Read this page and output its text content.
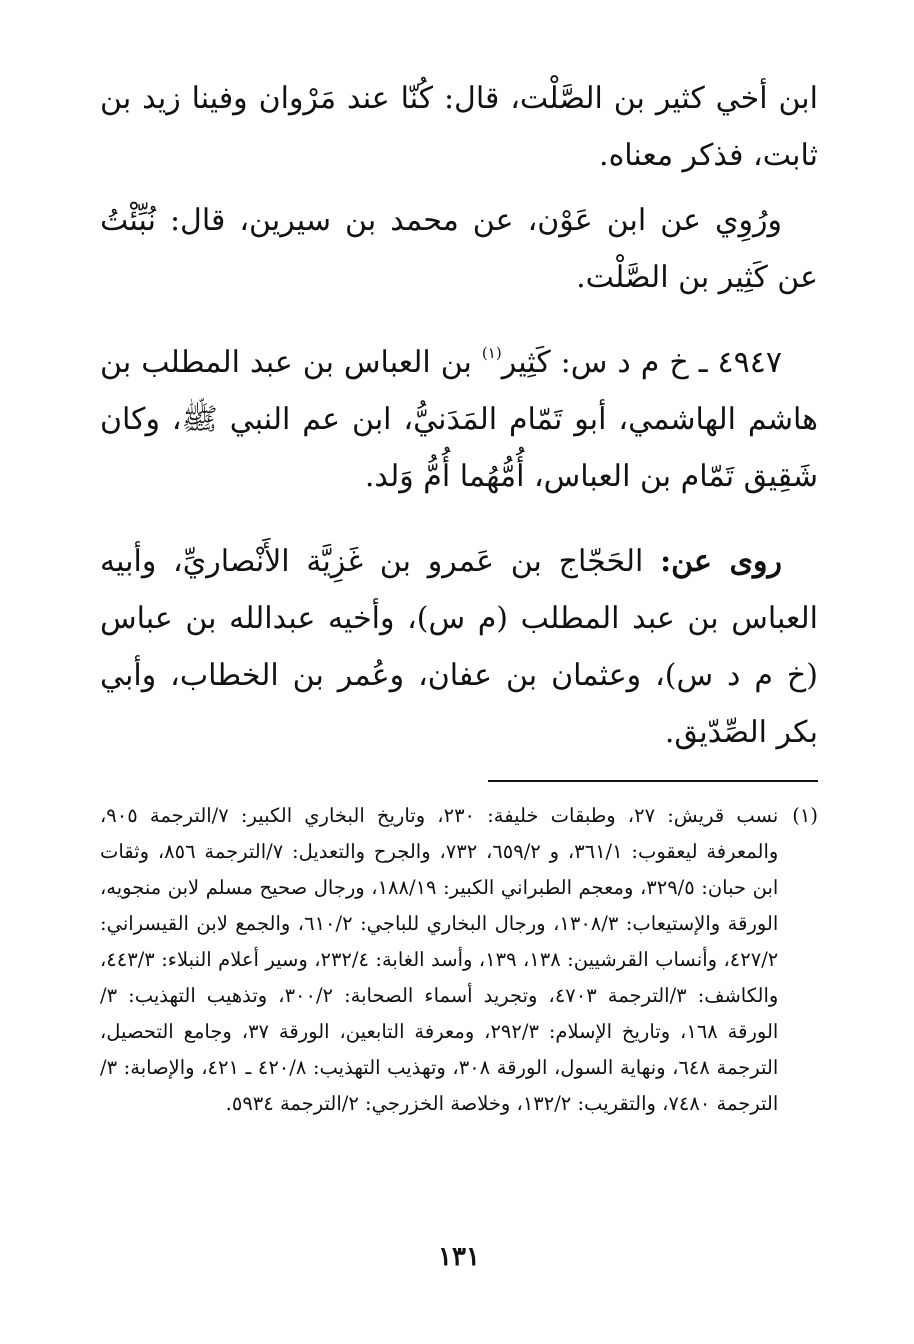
ابن أخي كثير بن الصَّلْت، قال: كُنّا عند مَرْوان وفينا زيد بن ثابت، فذكر معناه.

ورُوِي عن ابن عَوْن، عن محمد بن سيرين، قال: نُبِّئْتُ عن كَثِير بن الصَّلْت.

٤٩٤٧ ـ خ م د س: كَثِير$^{(١)}$ بن العباس بن عبد المطلب بن هاشم الهاشمي، أبو تَمّام المَدَنيُّ، ابن عم النبي ﷺ، وكان شَقِيق تَمّام بن العباس، أُمُّهُما أُمُّ وَلد.

روى عن: الحَجّاج بن عَمرو بن غَزِيَّة الأَنْصاريِّ، وأبيه العباس بن عبد المطلب (م س)، وأخيه عبدالله بن عباس (خ م د س)، وعثمان بن عفان، وعُمر بن الخطاب، وأبي بكر الصِّدّيق.

(١)
نسب قريش: ٢٧، وطبقات خليفة: ٢٣٠، وتاريخ البخاري الكبير: ٧/الترجمة ٩٠٥، والمعرفة ليعقوب: ٣٦١/١، و ٦٥٩/٢، ٧٣٢، والجرح والتعديل: ٧/الترجمة ٨٥٦، وثقات ابن حبان: ٣٢٩/٥، ومعجم الطبراني الكبير: ١٨٨/١٩، ورجال صحيح مسلم لابن منجويه، الورقة والإستيعاب: ١٣٠٨/٣، ورجال البخاري للباجي: ٦١٠/٢، والجمع لابن القيسراني: ٤٢٧/٢، وأنساب القرشيين: ١٣٨، ١٣٩، وأسد الغابة: ٢٣٢/٤، وسير أعلام النبلاء: ٤٤٣/٣، والكاشف: ٣/الترجمة ٤٧٠٣، وتجريد أسماء الصحابة: ٣٠٠/٢، وتذهيب التهذيب: ٣/الورقة ١٦٨، وتاريخ الإسلام: ٢٩٢/٣، ومعرفة التابعين، الورقة ٣٧، وجامع التحصيل، الترجمة ٦٤٨، ونهاية السول، الورقة ٣٠٨، وتهذيب التهذيب: ٤٢٠/٨ ـ ٤٢١، والإصابة: ٣/الترجمة ٧٤٨٠، والتقريب: ١٣٢/٢، وخلاصة الخزرجي: ٢/الترجمة ٥٩٣٤.
١٣١
